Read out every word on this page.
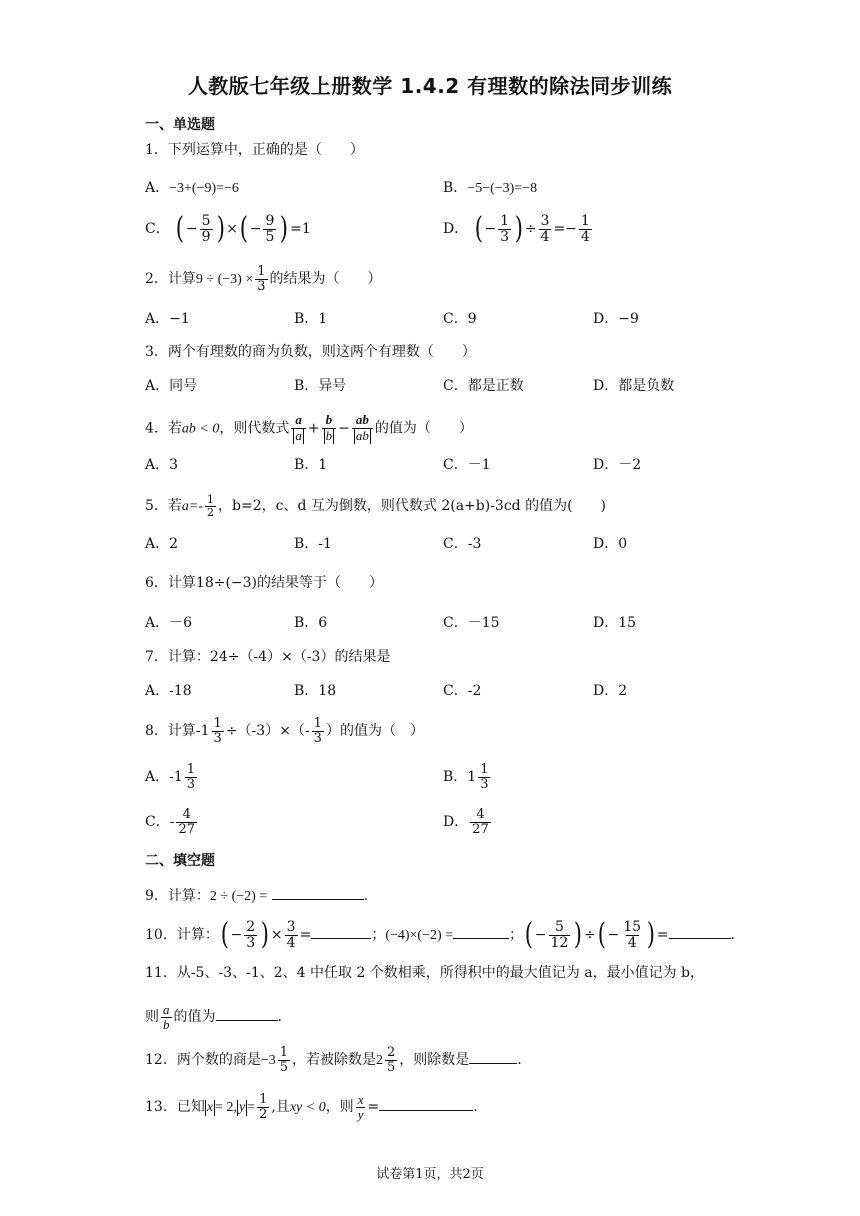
人教版七年级上册数学 1.4.2 有理数的除法同步训练
一、单选题
1．下列运算中，正确的是（　　）
A．−3+(−9)=−6	B．−5−(−3)=−8
C． ( − $\frac{5}{9}$ ) ×( − $\frac{9}{5}$ ) =1	D． ( − $\frac{1}{3}$ ) ÷ $\frac{3}{4} =- \frac{1}{4}$
2．计算$9 \div (-3) \times \frac{1}{3}$ 的结果为（　　）
A．−1	B．1	C．9	D．−9
3．两个有理数的商为负数，则这两个有理数（　　）
A．同号	B．异号	C．都是正数	D．都是负数
4．若ab < 0，则代数式 $\frac{a}{a} + \frac{b}{b} - \frac{ab}{ab}$ 的值为（　　）
A．3	B．1	C．－1	D．－2
5．若$a=- \frac{1}{2}$ ，b=2，c、d 互为倒数，则代数式 2(a+b)-3cd 的值为(　　)
A．2	B．-1	C．-3	D．0
6．计算18÷(−3)的结果等于（　　）
A．－6	B．6	C．－15	D．15
7．计算：24÷（-4）×（-3）的结果是
A．-18	B．18	C．-2	D．2
8．计算$-1 \frac{1}{3} \div(-3)\times(- \frac{1}{3}$ ）的值为（　）
A．$-1 \frac{1}{3}$	B．$1 \frac{1}{3}$
C．- $\frac{4}{27}$	D． $\frac{4}{27}$
二、填空题
9．计算：2 ÷ (−2) =	.
10．计算：( − $\frac{2}{3}$ ) × $\frac{3}{4}$ =	；(−4)×(−2) =	；( − $\frac{5}{12}$ ) ÷( − $\frac{15}{4}$ ) =	.
11．从-5、-3、-1、2、4 中任取 2 个数相乘，所得积中的最大值记为 a，最小值记为 b，
则 $\frac{a}{b}$ 的值为	.
12．两个数的商是$-3 \frac{1}{5}$ ，若被除数是$2 \frac{2}{5}$ ，则除数是	.
13．已知 x = 2, $y = \frac{1}{2}$ ,且xy < 0，则 $\frac{x}{y}$ =	.
试卷第1页，共2页
